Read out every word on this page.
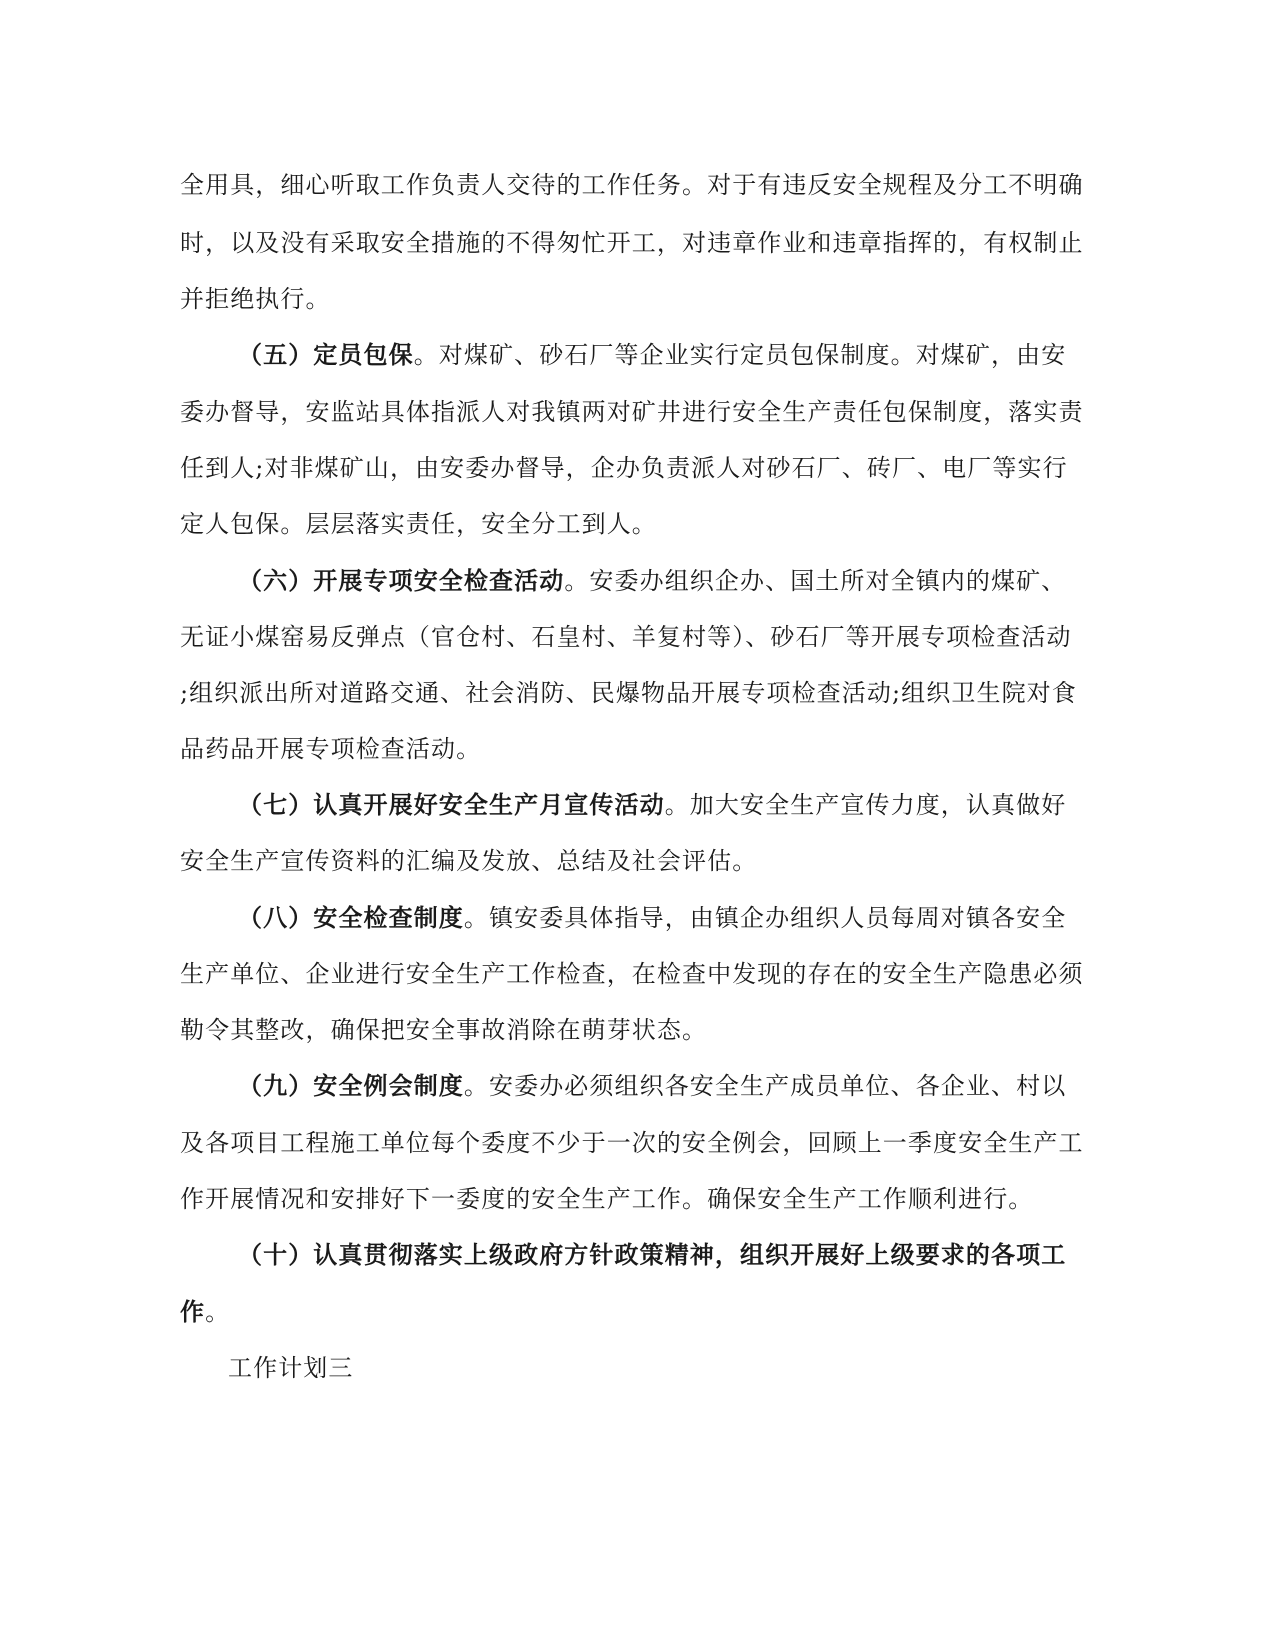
全用具，细心听取工作负责人交待的工作任务。对于有违反安全规程及分工不明确
时，以及没有采取安全措施的不得匆忙开工，对违章作业和违章指挥的，有权制止
并拒绝执行。
（五）定员包保。对煤矿、砂石厂等企业实行定员包保制度。对煤矿，由安
委办督导，安监站具体指派人对我镇两对矿井进行安全生产责任包保制度，落实责
任到人;对非煤矿山，由安委办督导，企办负责派人对砂石厂、砖厂、电厂等实行
定人包保。层层落实责任，安全分工到人。
（六）开展专项安全检查活动。安委办组织企办、国土所对全镇内的煤矿、
无证小煤窑易反弹点（官仓村、石皇村、羊复村等）、砂石厂等开展专项检查活动
;组织派出所对道路交通、社会消防、民爆物品开展专项检查活动;组织卫生院对食
品药品开展专项检查活动。
（七）认真开展好安全生产月宣传活动。加大安全生产宣传力度，认真做好
安全生产宣传资料的汇编及发放、总结及社会评估。
（八）安全检查制度。镇安委具体指导，由镇企办组织人员每周对镇各安全
生产单位、企业进行安全生产工作检查，在检查中发现的存在的安全生产隐患必须
勒令其整改，确保把安全事故消除在萌芽状态。
（九）安全例会制度。安委办必须组织各安全生产成员单位、各企业、村以
及各项目工程施工单位每个委度不少于一次的安全例会，回顾上一季度安全生产工
作开展情况和安排好下一委度的安全生产工作。确保安全生产工作顺利进行。
（十）认真贯彻落实上级政府方针政策精神，组织开展好上级要求的各项工
作。
工作计划三
